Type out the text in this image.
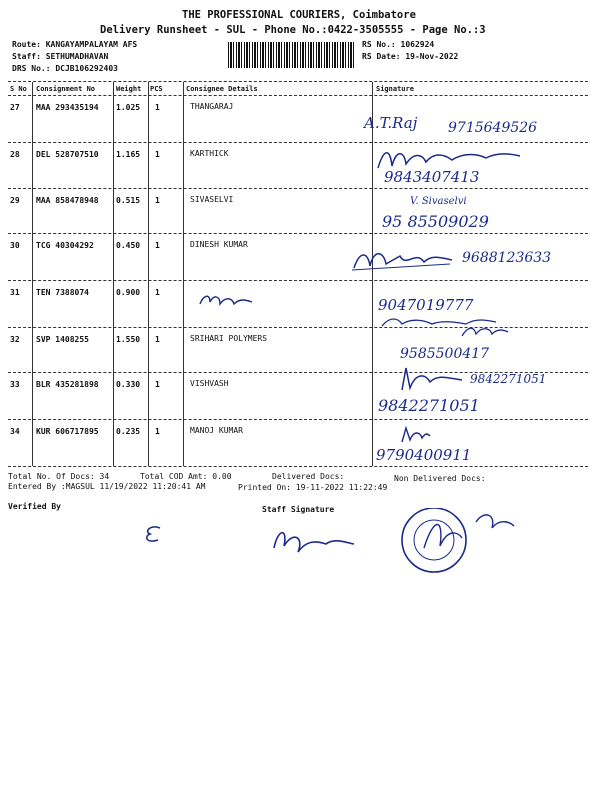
THE PROFESSIONAL COURIERS, Coimbatore
Delivery Runsheet - SUL - Phone No.:0422-3505555 - Page No.:3
Route: KANGAYAMPALAYAM AFS
Staff: SETHUMADHAVAN
DRS No.: DCJB106292403
RS No.: 1062924
RS Date: 19-Nov-2022
S No Consignment No	Weight PCS	Consignee Details	Signature
27 MAA 293435194 1.025 1	THANGARAJ
A.T.Raj 9715649526
28 DEL 528707510 1.165 1	KARTHICK
9843407413
29 MAA 858478948 0.515 1	SIVASELVI	V. Sivaselvi
95 85509029
30 TCG 40304292	0.450 1	DINESH KUMAR
9688123633
31 TEN 7388074	0.900 1
9047019777
32 SVP 1408255	1.550 1	SRIHARI POLYMERS
9585500417
33 BLR 435281898 0.330 1	VISHVASH	9842271051
9842271051
34 KUR 606717895 0.235 1	MANOJ KUMAR
9790400911
Total No. Of Docs: 34	Total COD Amt: 0.00	Delivered Docs:	Non Delivered Docs:
Entered By :MAGSUL 11/19/2022 11:20:41 AM	Printed On: 19-11-2022 11:22:49
Verified By	Staff Signature
